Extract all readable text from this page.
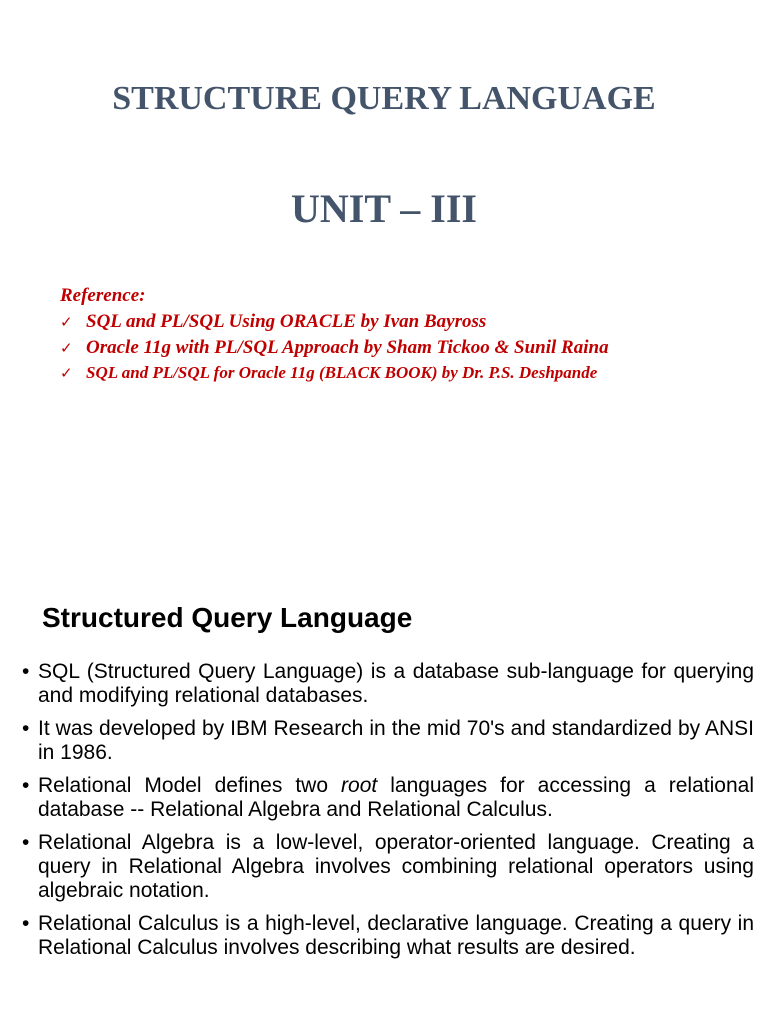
STRUCTURE QUERY LANGUAGE
UNIT – III
Reference:
✓ SQL and PL/SQL Using ORACLE by Ivan Bayross
✓ Oracle 11g with PL/SQL Approach by Sham Tickoo & Sunil Raina
✓ SQL and PL/SQL for Oracle 11g (BLACK BOOK) by Dr. P.S. Deshpande
Structured Query Language
• SQL (Structured Query Language) is a database sub-language for querying and modifying relational databases.
• It was developed by IBM Research in the mid 70's and standardized by ANSI in 1986.
• Relational Model defines two root languages for accessing a relational database -- Relational Algebra and Relational Calculus.
• Relational Algebra is a low-level, operator-oriented language. Creating a query in Relational Algebra involves combining relational operators using algebraic notation.
• Relational Calculus is a high-level, declarative language. Creating a query in Relational Calculus involves describing what results are desired.
